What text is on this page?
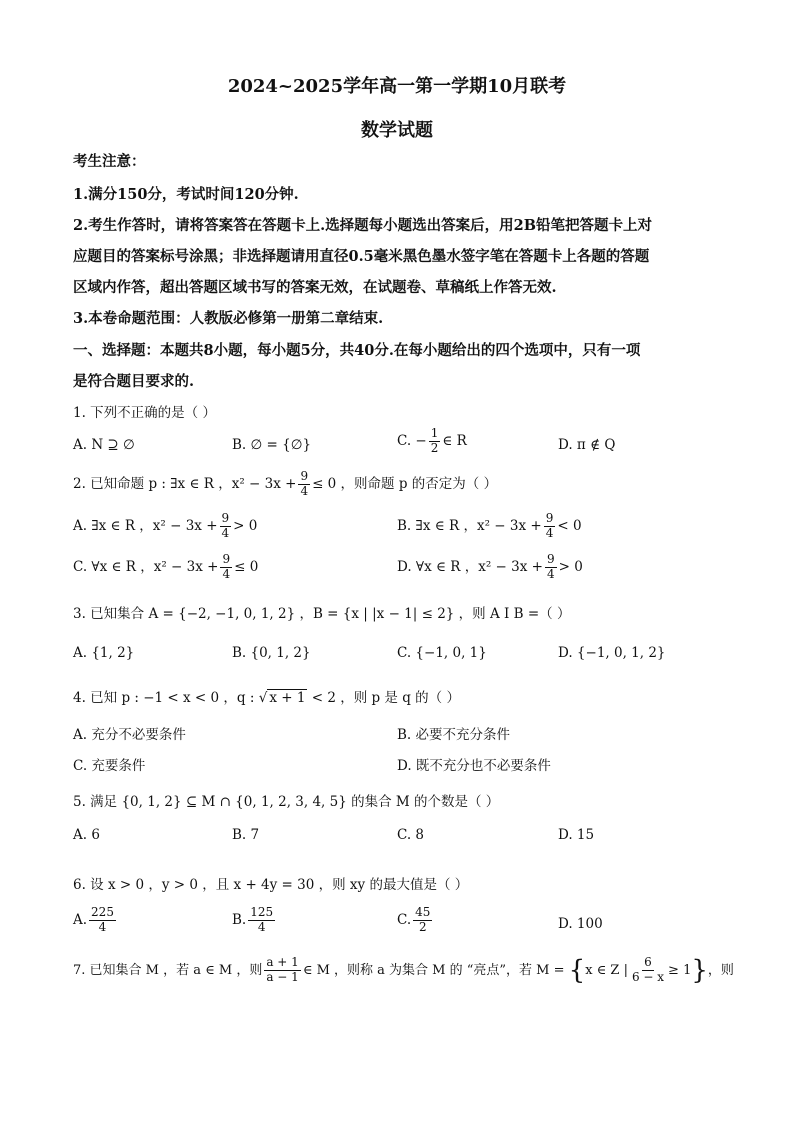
2024~2025学年高一第一学期10月联考
数学试题
考生注意：
1.满分150分，考试时间120分钟.
2.考生作答时，请将答案答在答题卡上.选择题每小题选出答案后，用2B铅笔把答题卡上对
应题目的答案标号涂黑；非选择题请用直径0.5毫米黑色墨水签字笔在答题卡上各题的答题
区域内作答，超出答题区域书写的答案无效，在试题卷、草稿纸上作答无效.
3.本卷命题范围：人教版必修第一册第二章结束.
一、选择题：本题共8小题，每小题5分，共40分.在每小题给出的四个选项中，只有一项
是符合题目要求的.
1. 下列不正确的是（ ）
A. N ⊇ ∅	B. ∅ = {∅}	C. − $\frac{1}{2}$ ∈ R	D. π ∉ Q
2. 已知命题 p : ∃x ∈ R ，$x^2 - 3x + \frac{9}{4} \le 0$ ，则命题 p 的否定为（ ）
A. ∃x ∈ R ，$x^2 - 3x + \frac{9}{4} > 0$	B. ∃x ∈ R ，$x^2 - 3x + \frac{9}{4} < 0$
C. ∀x ∈ R ，$x^2 - 3x + \frac{9}{4} \le 0$	D. ∀x ∈ R ，$x^2 - 3x + \frac{9}{4} > 0$
3. 已知集合 A = {−2, −1, 0, 1, 2} ，B = {x | |x − 1| ≤ 2} ，则 A I B =（ ）
A. {1, 2}	B. {0, 1, 2}	C. {−1, 0, 1}	D. {−1, 0, 1, 2}
4. 已知 p : −1 < x < 0 ，q : √ x + 1 < 2 ，则 p 是 q 的（ ）
A. 充分不必要条件	B. 必要不充分条件
C. 充要条件	D. 既不充分也不必要条件
5. 满足 {0, 1, 2} ⊆ M ∩ {0, 1, 2, 3, 4, 5} 的集合 M 的个数是（ ）
A. 6	B. 7	C. 8	D. 15
6. 设 x > 0 ，y > 0 ，且 x + 4y = 30 ，则 xy 的最大值是（ ）
A. $\frac{225}{4}$	B. $\frac{125}{4}$	C. $\frac{45}{2}$	D. 100
7. 已知集合 M ，若 a ∈ M ，则 $\frac{a + 1}{a - 1}$ ∈ M ，则称 a 为集合 M 的 “亮点”，若 M = {x ∈ Z | $\frac{6}{6 - x} \ge 1$}，则
